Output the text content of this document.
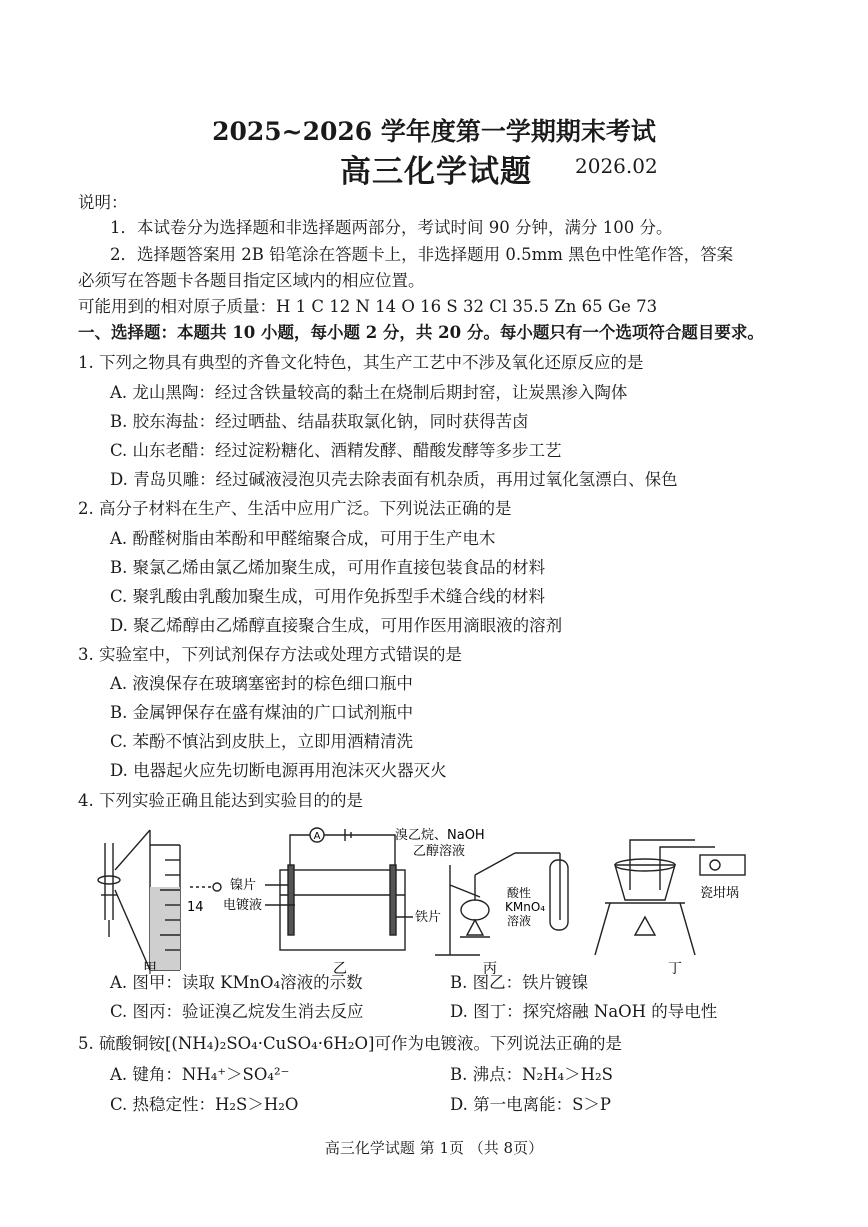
2025~2026 学年度第一学期期末考试
高三化学试题 2026.02
说明：
1．本试卷分为选择题和非选择题两部分，考试时间 90 分钟，满分 100 分。
2．选择题答案用 2B 铅笔涂在答题卡上，非选择题用 0.5mm 黑色中性笔作答，答案
必须写在答题卡各题目指定区域内的相应位置。
可能用到的相对原子质量：H 1 C 12 N 14 O 16 S 32 Cl 35.5 Zn 65 Ge 73
一、选择题：本题共 10 小题，每小题 2 分，共 20 分。每小题只有一个选项符合题目要求。
1. 下列之物具有典型的齐鲁文化特色，其生产工艺中不涉及氧化还原反应的是
A. 龙山黑陶：经过含铁量较高的黏土在烧制后期封窑，让炭黑渗入陶体
B. 胶东海盐：经过晒盐、结晶获取氯化钠，同时获得苦卤
C. 山东老醋：经过淀粉糖化、酒精发酵、醋酸发酵等多步工艺
D. 青岛贝雕：经过碱液浸泡贝壳去除表面有机杂质，再用过氧化氢漂白、保色
2. 高分子材料在生产、生活中应用广泛。下列说法正确的是
A. 酚醛树脂由苯酚和甲醛缩聚合成，可用于生产电木
B. 聚氯乙烯由氯乙烯加聚生成，可用作直接包装食品的材料
C. 聚乳酸由乳酸加聚生成，可用作免拆型手术缝合线的材料
D. 聚乙烯醇由乙烯醇直接聚合生成，可用作医用滴眼液的溶剂
3. 实验室中，下列试剂保存方法或处理方式错误的是
A. 液溴保存在玻璃塞密封的棕色细口瓶中
B. 金属钾保存在盛有煤油的广口试剂瓶中
C. 苯酚不慎沾到皮肤上，立即用酒精清洗
D. 电器起火应先切断电源再用泡沫灭火器灭火
4. 下列实验正确且能达到实验目的的是
14
甲
A
镍片
电镀液
铁片
乙
溴乙烷、NaOH
乙醇溶液
酸性
KMnO₄
溶液
丙
瓷坩埚
丁
A. 图甲：读取 KMnO₄溶液的示数	B. 图乙：铁片镀镍
C. 图丙：验证溴乙烷发生消去反应	D. 图丁：探究熔融 NaOH 的导电性
5. 硫酸铜铵[(NH₄)₂SO₄·CuSO₄·6H₂O]可作为电镀液。下列说法正确的是
A. 键角：NH₄⁺＞SO₄²⁻	B. 沸点：N₂H₄＞H₂S
C. 热稳定性：H₂S＞H₂O	D. 第一电离能：S＞P
高三化学试题 第 1页 （共 8页）
